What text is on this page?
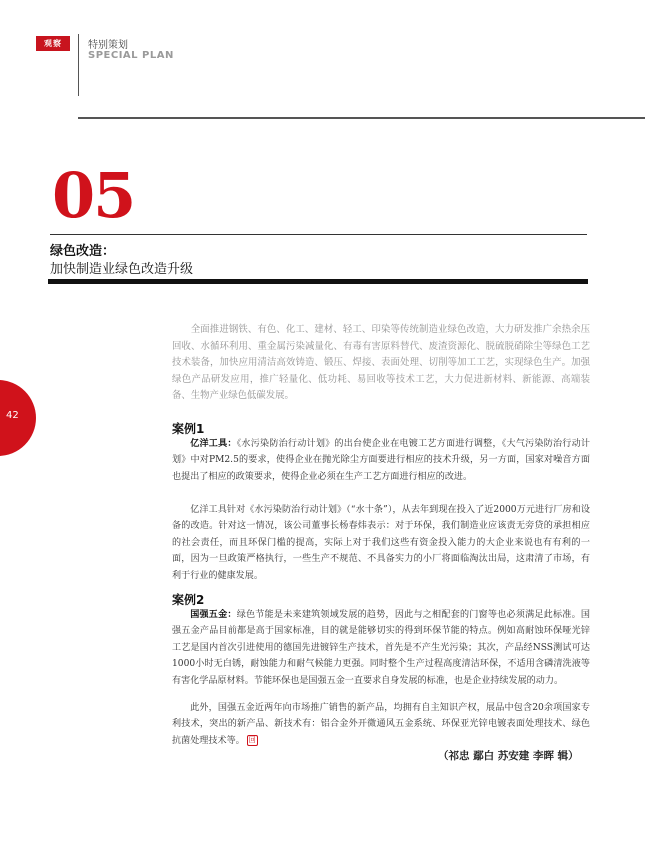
观察	特别策划
SPECIAL PLAN
05
绿色改造：
加快制造业绿色改造升级
42

全面推进钢铁、有色、化工、建材、轻工、印染等传统制造业绿色改造，大力研发推广余热余压回收、水循环利用、重金属污染减量化、有毒有害原料替代、废渣资源化、脱硫脱硝除尘等绿色工艺技术装备，加快应用清洁高效铸造、锻压、焊接、表面处理、切削等加工工艺，实现绿色生产。加强绿色产品研发应用，推广轻量化、低功耗、易回收等技术工艺，大力促进新材料、新能源、高端装备、生物产业绿色低碳发展。

案例1

亿洋工具：《水污染防治行动计划》的出台使企业在电镀工艺方面进行调整，《大气污染防治行动计划》中对PM2.5的要求，使得企业在抛光除尘方面要进行相应的技术升级，另一方面，国家对噪音方面也提出了相应的政策要求，使得企业必须在生产工艺方面进行相应的改进。

亿洋工具针对《水污染防治行动计划》（“水十条”），从去年到现在投入了近2000万元进行厂房和设备的改造。针对这一情况，该公司董事长杨春炜表示：对于环保，我们制造业应该责无旁贷的承担相应的社会责任，而且环保门槛的提高，实际上对于我们这些有资金投入能力的大企业来说也有有利的一面，因为一旦政策严格执行，一些生产不规范、不具备实力的小厂将面临淘汰出局，这肃清了市场，有利于行业的健康发展。

案例2

国强五金：绿色节能是未来建筑领域发展的趋势，因此与之相配套的门窗等也必须满足此标准。国强五金产品目前都是高于国家标准，目的就是能够切实的得到环保节能的特点。例如高耐蚀环保哑光锌工艺是国内首次引进使用的德国先进镀锌生产技术，首先是不产生光污染；其次，产品经NSS测试可达1000小时无白锈，耐蚀能力和耐气候能力更强。同时整个生产过程高度清洁环保，不适用含磷清洗液等有害化学品原材料。节能环保也是国强五金一直要求自身发展的标准，也是企业持续发展的动力。

此外，国强五金近两年向市场推广销售的新产品，均拥有自主知识产权，展品中包含20余项国家专利技术，突出的新产品、新技术有：铝合金外开微通风五金系统、环保亚光锌电镀表面处理技术、绿色抗菌处理技术等。 回

（祁忠 鄢白 苏安建 李晖 辑）
